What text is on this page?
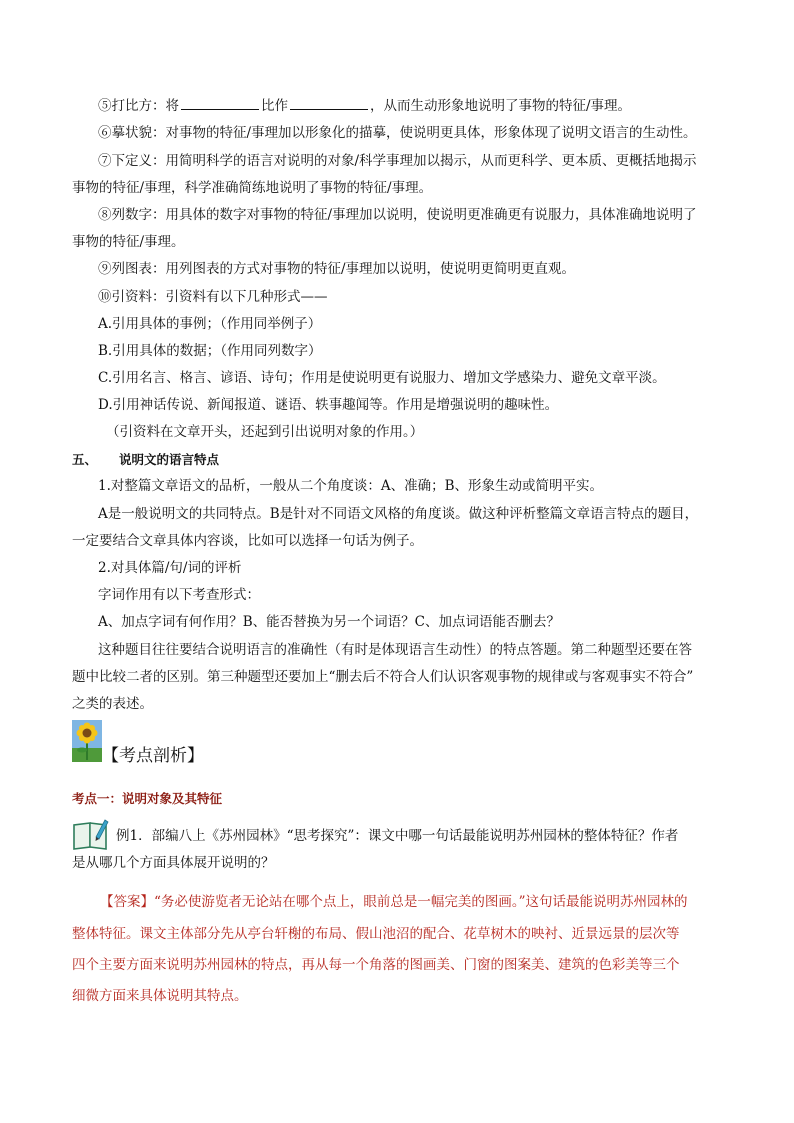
⑤打比方：将	比作	，从而生动形象地说明了事物的特征/事理。
⑥摹状貌：对事物的特征/事理加以形象化的描摹，使说明更具体，形象体现了说明文语言的生动性。
⑦下定义：用简明科学的语言对说明的对象/科学事理加以揭示，从而更科学、更本质、更概括地揭示
事物的特征/事理，科学准确简练地说明了事物的特征/事理。
⑧列数字：用具体的数字对事物的特征/事理加以说明，使说明更准确更有说服力，具体准确地说明了
事物的特征/事理。
⑨列图表：用列图表的方式对事物的特征/事理加以说明，使说明更简明更直观。
⑩引资料：引资料有以下几种形式——
A.引用具体的事例；（作用同举例子）
B.引用具体的数据；（作用同列数字）
C.引用名言、格言、谚语、诗句；作用是使说明更有说服力、增加文学感染力、避免文章平淡。
D.引用神话传说、新闻报道、谜语、轶事趣闻等。作用是增强说明的趣味性。
（引资料在文章开头，还起到引出说明对象的作用。）
五、 说明文的语言特点
1.对整篇文章语文的品析，一般从二个角度谈：A、准确；B、形象生动或简明平实。
A是一般说明文的共同特点。B是针对不同语文风格的角度谈。做这种评析整篇文章语言特点的题目，
一定要结合文章具体内容谈，比如可以选择一句话为例子。
2.对具体篇/句/词的评析
字词作用有以下考查形式：
A、加点字词有何作用？B、能否替换为另一个词语？C、加点词语能否删去？
这种题目往往要结合说明语言的准确性（有时是体现语言生动性）的特点答题。第二种题型还要在答
题中比较二者的区别。第三种题型还要加上“删去后不符合人们认识客观事物的规律或与客观事实不符合”
之类的表述。
【考点剖析】
考点一：说明对象及其特征
例1．部编八上《苏州园林》“思考探究”：课文中哪一句话最能说明苏州园林的整体特征？作者
是从哪几个方面具体展开说明的？
【答案】“务必使游览者无论站在哪个点上，眼前总是一幅完美的图画。”这句话最能说明苏州园林的
整体特征。课文主体部分先从亭台轩榭的布局、假山池沼的配合、花草树木的映衬、近景远景的层次等
四个主要方面来说明苏州园林的特点，再从每一个角落的图画美、门窗的图案美、建筑的色彩美等三个
细微方面来具体说明其特点。
